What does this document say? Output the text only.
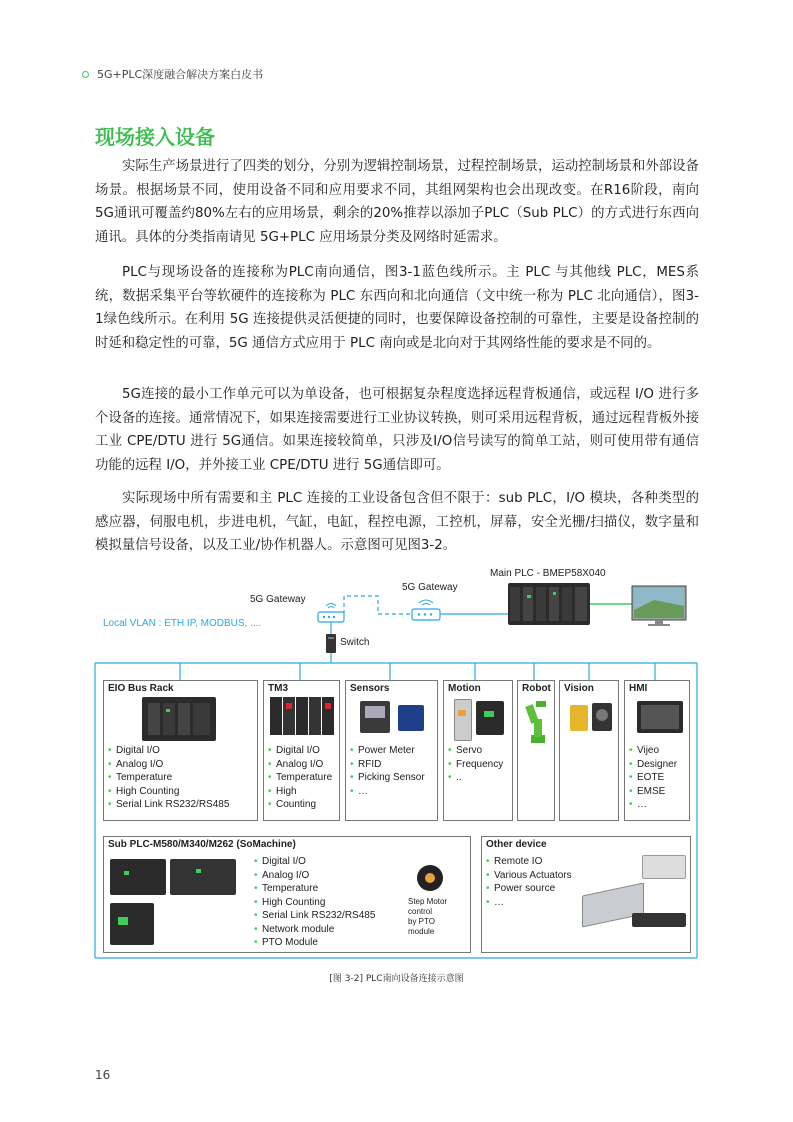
5G+PLC深度融合解决方案白皮书
现场接入设备

实际生产场景进行了四类的划分，分别为逻辑控制场景，过程控制场景，运动控制场景和外部设备场景。根据场景不同，使用设备不同和应用要求不同，其组网架构也会出现改变。在R16阶段，南向5G通讯可覆盖约80%左右的应用场景，剩余的20%推荐以添加子PLC（Sub PLC）的方式进行东西向通讯。具体的分类指南请见 5G+PLC 应用场景分类及网络时延需求。

PLC与现场设备的连接称为PLC南向通信，图3-1蓝色线所示。主 PLC 与其他线 PLC，MES系统，数据采集平台等软硬件的连接称为 PLC 东西向和北向通信（文中统一称为 PLC 北向通信），图3-1绿色线所示。在利用 5G 连接提供灵活便捷的同时，也要保障设备控制的可靠性，主要是设备控制的时延和稳定性的可靠，5G 通信方式应用于 PLC 南向或是北向对于其网络性能的要求是不同的。

5G连接的最小工作单元可以为单设备，也可根据复杂程度选择远程背板通信，或远程 I/O 进行多个设备的连接。通常情况下，如果连接需要进行工业协议转换，则可采用远程背板，通过远程背板外接工业 CPE/DTU 进行 5G通信。如果连接较简单，只涉及I/O信号读写的简单工站，则可使用带有通信功能的远程 I/O，并外接工业 CPE/DTU 进行 5G通信即可。

实际现场中所有需要和主 PLC 连接的工业设备包含但不限于：sub PLC，I/O 模块，各种类型的感应器，伺服电机，步进电机，气缸，电缸，程控电源，工控机，屏幕，安全光栅/扫描仪，数字量和模拟量信号设备，以及工业/协作机器人。示意图可见图3-2。

5G Gateway
5G Gateway
Main PLC - BMEP58X040
Local VLAN : ETH IP, MODBUS, ....
Switch
EIO Bus Rack
• Digital I/O
• Analog I/O
• Temperature
• High Counting
• Serial Link RS232/RS485
TM3
• Digital I/O
• Analog I/O
• Temperature
• High
• Counting
Sensors
• Power Meter
• RFID
• Picking Sensor
• …
Motion
• Servo
• Frequency
• ..
Robot Vision	HMI
• Vijeo
• Designer
• EOTE
• EMSE
• …
Sub PLC-M580/M340/M262 (SoMachine)
• Digital I/O
• Analog I/O
• Temperature
• High Counting
• Serial Link RS232/RS485
• Network module
• PTO Module
Step Motor
control
by PTO
module
Other device
• Remote IO
• Various Actuators
• Power source
• …
[图 3-2] PLC南向设备连接示意图
16
